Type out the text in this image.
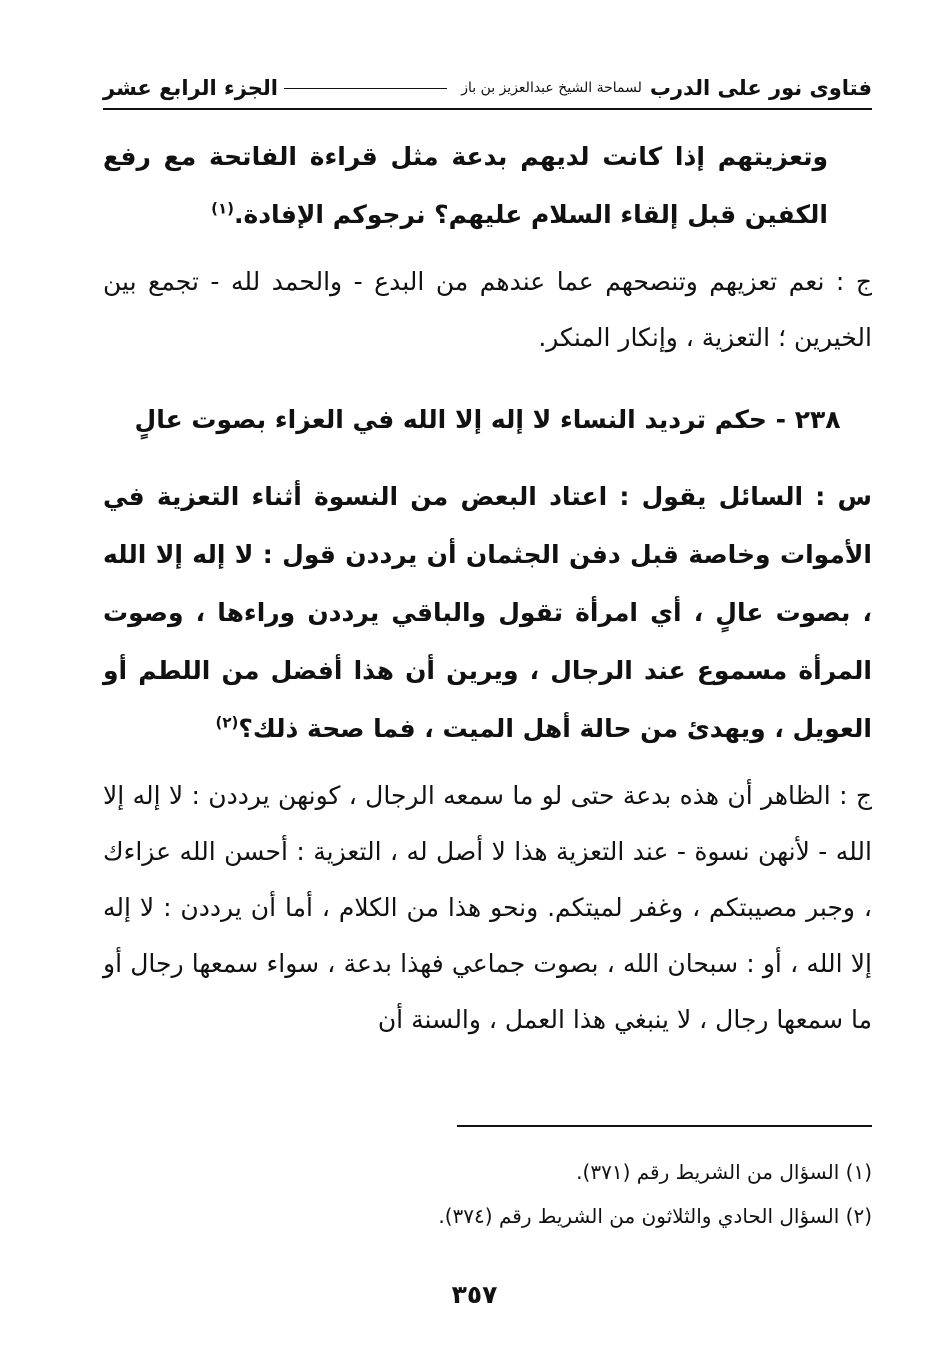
فتاوى نور على الدرب
لسماحة الشيخ عبدالعزيز بن باز
الجزء الرابع عشر

وتعزيتهم إذا كانت لديهم بدعة مثل قراءة الفاتحة مع رفع الكفين قبل إلقاء السلام عليهم؟ نرجوكم الإفادة.$^{(١)}$

ج : نعم تعزيهم وتنصحهم عما عندهم من البدع - والحمد لله - تجمع بين الخيرين ؛ التعزية ، وإنكار المنكر.

٢٣٨ - حكم ترديد النساء لا إله إلا الله في العزاء بصوت عالٍ

س : السائل يقول : اعتاد البعض من النسوة أثناء التعزية في الأموات وخاصة قبل دفن الجثمان أن يرددن قول : لا إله إلا الله ، بصوت عالٍ ، أي امرأة تقول والباقي يرددن وراءها ، وصوت المرأة مسموع عند الرجال ، ويرين أن هذا أفضل من اللطم أو العويل ، ويهدئ من حالة أهل الميت ، فما صحة ذلك؟$^{(٢)}$

ج : الظاهر أن هذه بدعة حتى لو ما سمعه الرجال ، كونهن يرددن : لا إله إلا الله - لأنهن نسوة - عند التعزية هذا لا أصل له ، التعزية : أحسن الله عزاءك ، وجبر مصيبتكم ، وغفر لميتكم. ونحو هذا من الكلام ، أما أن يرددن : لا إله إلا الله ، أو : سبحان الله ، بصوت جماعي فهذا بدعة ، سواء سمعها رجال أو ما سمعها رجال ، لا ينبغي هذا العمل ، والسنة أن

(١) السؤال من الشريط رقم (٣٧١).
(٢) السؤال الحادي والثلاثون من الشريط رقم (٣٧٤).
٣٥٧
